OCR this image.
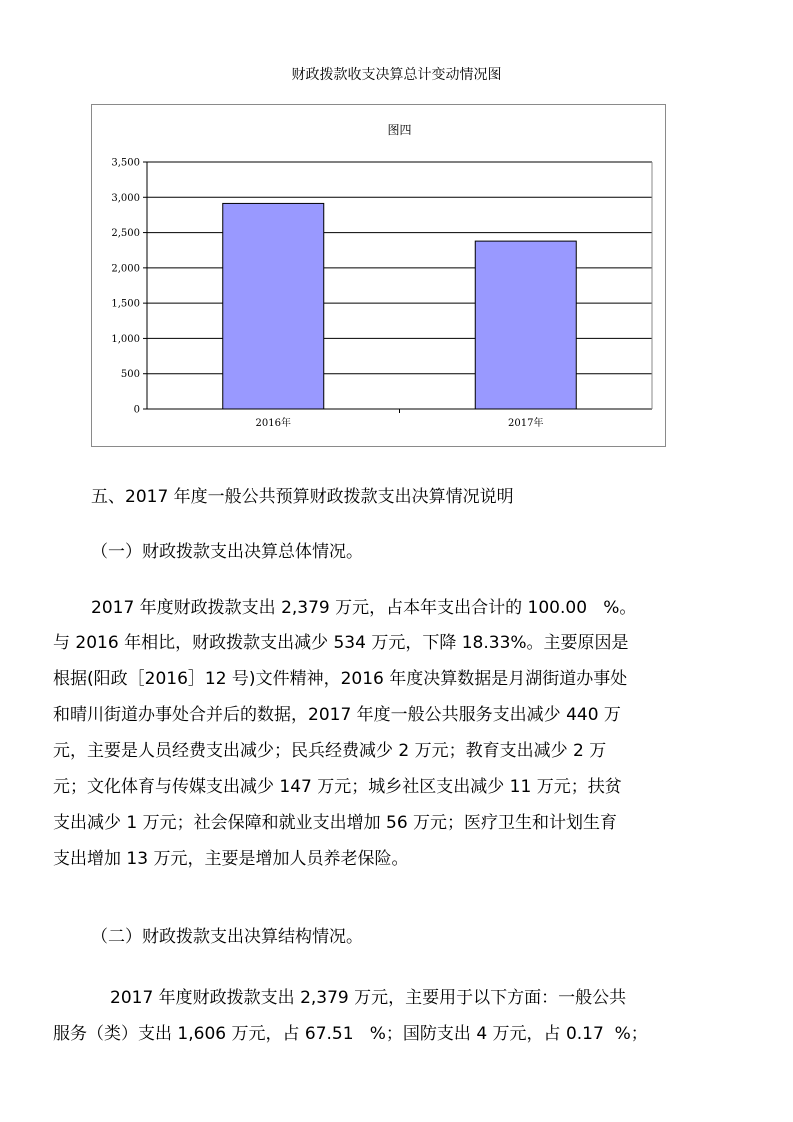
财政拨款收支决算总计变动情况图
图四
0
500
1,000
1,500
2,000
2,500
3,000
3,500
2016年	2017年
五、2017 年度一般公共预算财政拨款支出决算情况说明
（一）财政拨款支出决算总体情况。
2017 年度财政拨款支出 2,379 万元，占本年支出合计的 100.00   %。
与 2016 年相比，财政拨款支出减少 534 万元，下降 18.33%。主要原因是
根据(阳政［2016］12 号)文件精神，2016 年度决算数据是月湖街道办事处
和晴川街道办事处合并后的数据，2017 年度一般公共服务支出减少 440 万
元，主要是人员经费支出减少；民兵经费减少 2 万元；教育支出减少 2 万
元；文化体育与传媒支出减少 147 万元；城乡社区支出减少 11 万元；扶贫
支出减少 1 万元；社会保障和就业支出增加 56 万元；医疗卫生和计划生育
支出增加 13 万元，主要是增加人员养老保险。
（二）财政拨款支出决算结构情况。
2017 年度财政拨款支出 2,379 万元，主要用于以下方面：一般公共
服务（类）支出 1,606 万元，占 67.51   %；国防支出 4 万元，占 0.17  %；
